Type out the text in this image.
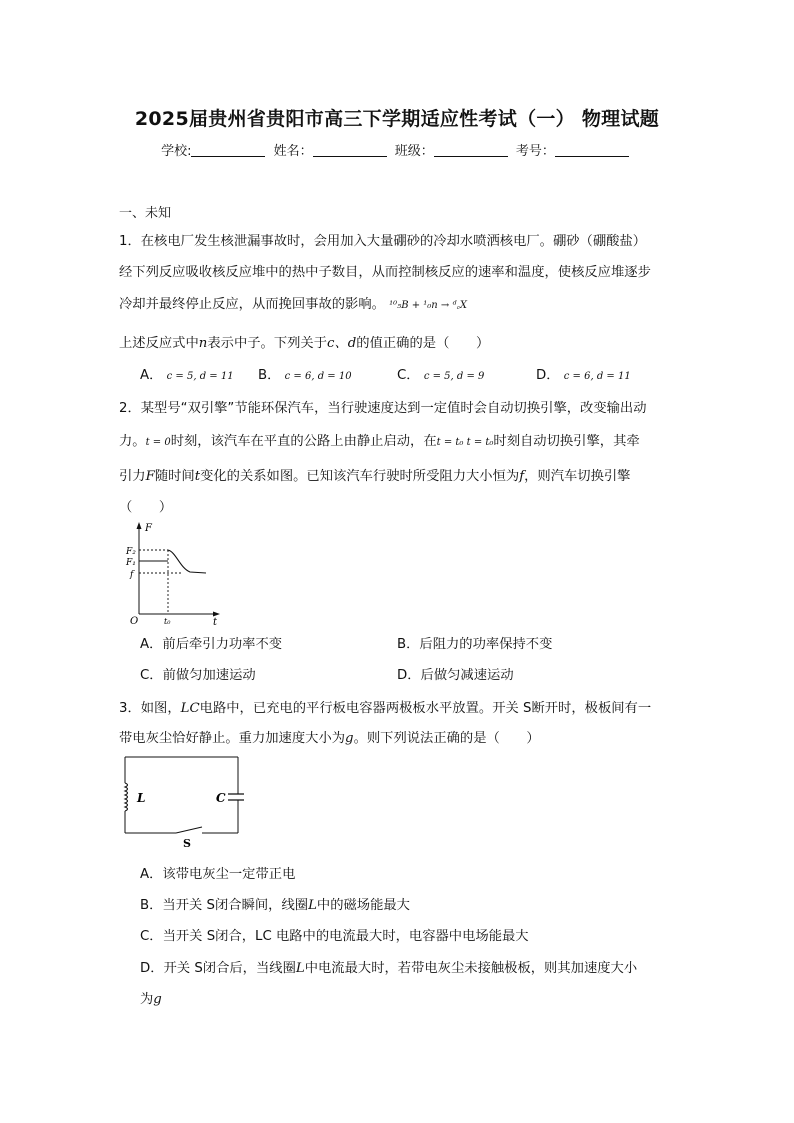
2025届贵州省贵阳市高三下学期适应性考试（一） 物理试题
学校:	姓名：	班级：	考号：
一、未知
1．在核电厂发生核泄漏事故时，会用加入大量硼砂的冷却水喷洒核电厂。硼砂（硼酸盐）
经下列反应吸收核反应堆中的热中子数目，从而控制核反应的速率和温度，使核反应堆逐步
冷却并最终停止反应，从而挽回事故的影响。 ¹⁰₅B + ¹₀n → ᵈ꜀X
上述反应式中n表示中子。下列关于c、d的值正确的是（　　）
A． c = 5, d = 11 B． c = 6, d = 10	C． c = 5, d = 9	D． c = 6, d = 11
2．某型号“双引擎”节能环保汽车，当行驶速度达到一定值时会自动切换引擎，改变输出动
力。t = 0时刻，该汽车在平直的公路上由静止启动，在t = t₀ t = t₀时刻自动切换引擎，其牵
引力F随时间t变化的关系如图。已知该汽车行驶时所受阻力大小恒为f，则汽车切换引擎
（　　）
F
t
O
F₂
F₁
f
t₀
A．前后牵引力功率不变	B．后阻力的功率保持不变
C．前做匀加速运动	D．后做匀减速运动
3．如图，LC电路中，已充电的平行板电容器两极板水平放置。开关 S断开时，极板间有一
带电灰尘恰好静止。重力加速度大小为g。则下列说法正确的是（　　）
L	C
S
A．该带电灰尘一定带正电
B．当开关 S闭合瞬间，线圈L中的磁场能最大
C．当开关 S闭合，LC 电路中的电流最大时，电容器中电场能最大
D．开关 S闭合后，当线圈L中电流最大时，若带电灰尘未接触极板，则其加速度大小
为g
